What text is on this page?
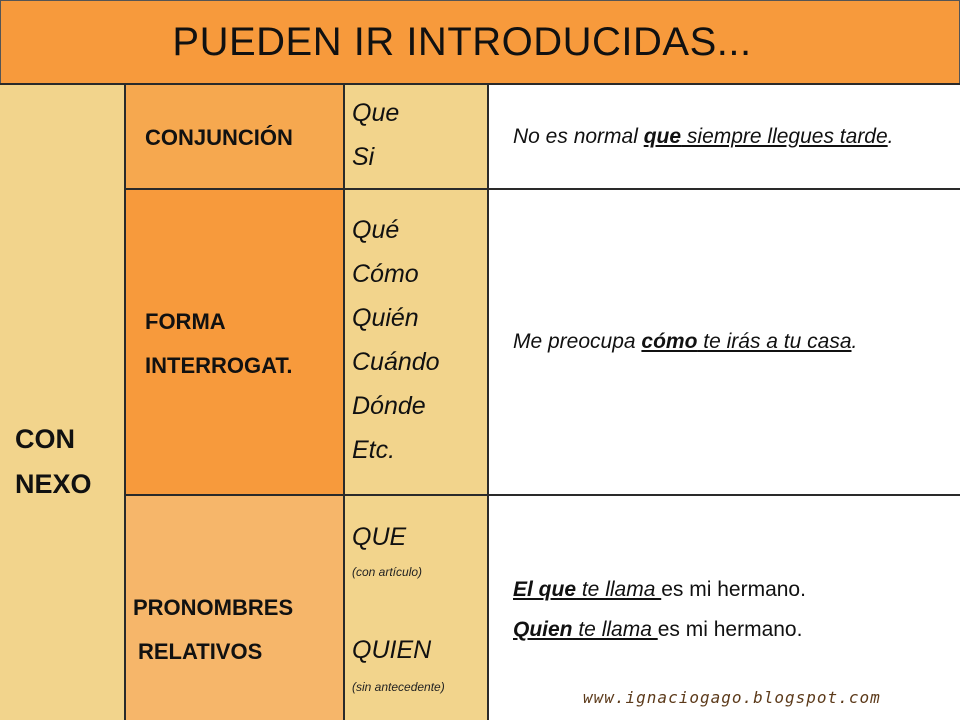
PUEDEN IR INTRODUCIDAS...
CON
NEXO
CONJUNCIÓN
FORMA
INTERROGAT.
PRONOMBRES
RELATIVOS
Que
Si
Qué
Cómo
Quién
Cuándo
Dónde
Etc.
QUE
(con artículo)
QUIEN
(sin antecedente)
No es normal que siempre llegues tarde.
Me preocupa cómo te irás a tu casa.
El que te llama es mi hermano.
Quien te llama es mi hermano.
www.ignaciogago.blogspot.com
